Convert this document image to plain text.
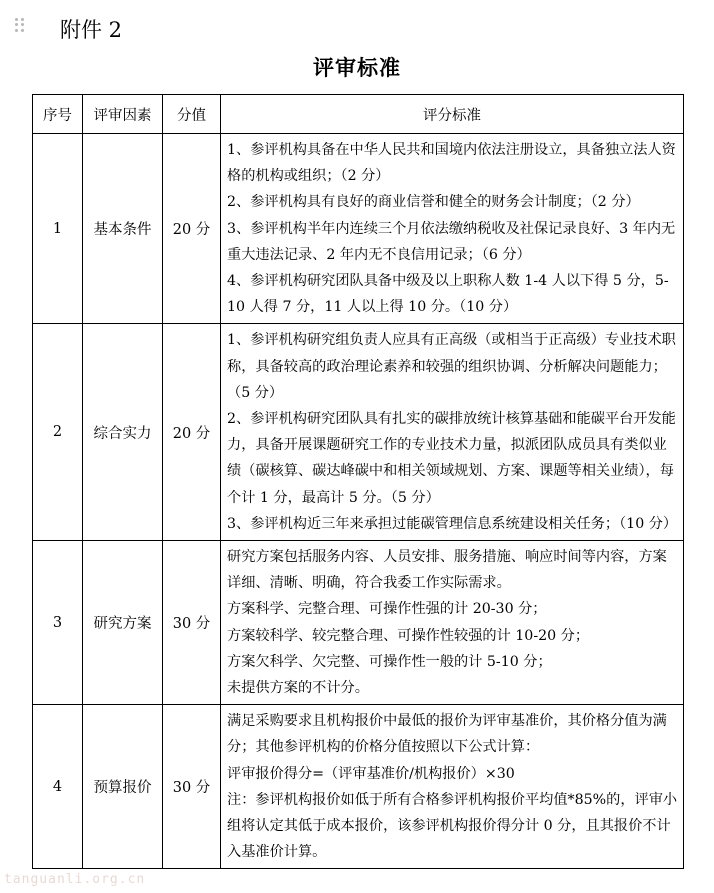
附件 2
评审标准
序号	评审因素	分值	评分标准
1	基本条件	20 分	1、参评机构具备在中华人民共和国境内依法注册设立，具备独立法人资格的机构或组织；（2 分）

2、参评机构具有良好的商业信誉和健全的财务会计制度；（2 分）

3、参评机构半年内连续三个月依法缴纳税收及社保记录良好、3 年内无重大违法记录、2 年内无不良信用记录；（6 分）

4、参评机构研究团队具备中级及以上职称人数 1-4 人以下得 5 分，5-10 人得 7 分，11 人以上得 10 分。（10 分）

2	综合实力	20 分	1、参评机构研究组负责人应具有正高级（或相当于正高级）专业技术职称，具备较高的政治理论素养和较强的组织协调、分析解决问题能力；（5 分）

2、参评机构研究团队具有扎实的碳排放统计核算基础和能碳平台开发能力，具备开展课题研究工作的专业技术力量，拟派团队成员具有类似业绩（碳核算、碳达峰碳中和相关领域规划、方案、课题等相关业绩），每个计 1 分，最高计 5 分。（5 分）

3、参评机构近三年来承担过能碳管理信息系统建设相关任务；（10 分）

3	研究方案	30 分	研究方案包括服务内容、人员安排、服务措施、响应时间等内容，方案详细、清晰、明确，符合我委工作实际需求。

方案科学、完整合理、可操作性强的计 20-30 分；

方案较科学、较完整合理、可操作性较强的计 10-20 分；

方案欠科学、欠完整、可操作性一般的计 5-10 分；

未提供方案的不计分。

4	预算报价	30 分	满足采购要求且机构报价中最低的报价为评审基准价，其价格分值为满分；其他参评机构的价格分值按照以下公式计算：

评审报价得分=（评审基准价/机构报价）×30

注：参评机构报价如低于所有合格参评机构报价平均值*85%的，评审小组将认定其低于成本报价，该参评机构报价得分计 0 分，且其报价不计入基准价计算。

tanguanli.org.cn
